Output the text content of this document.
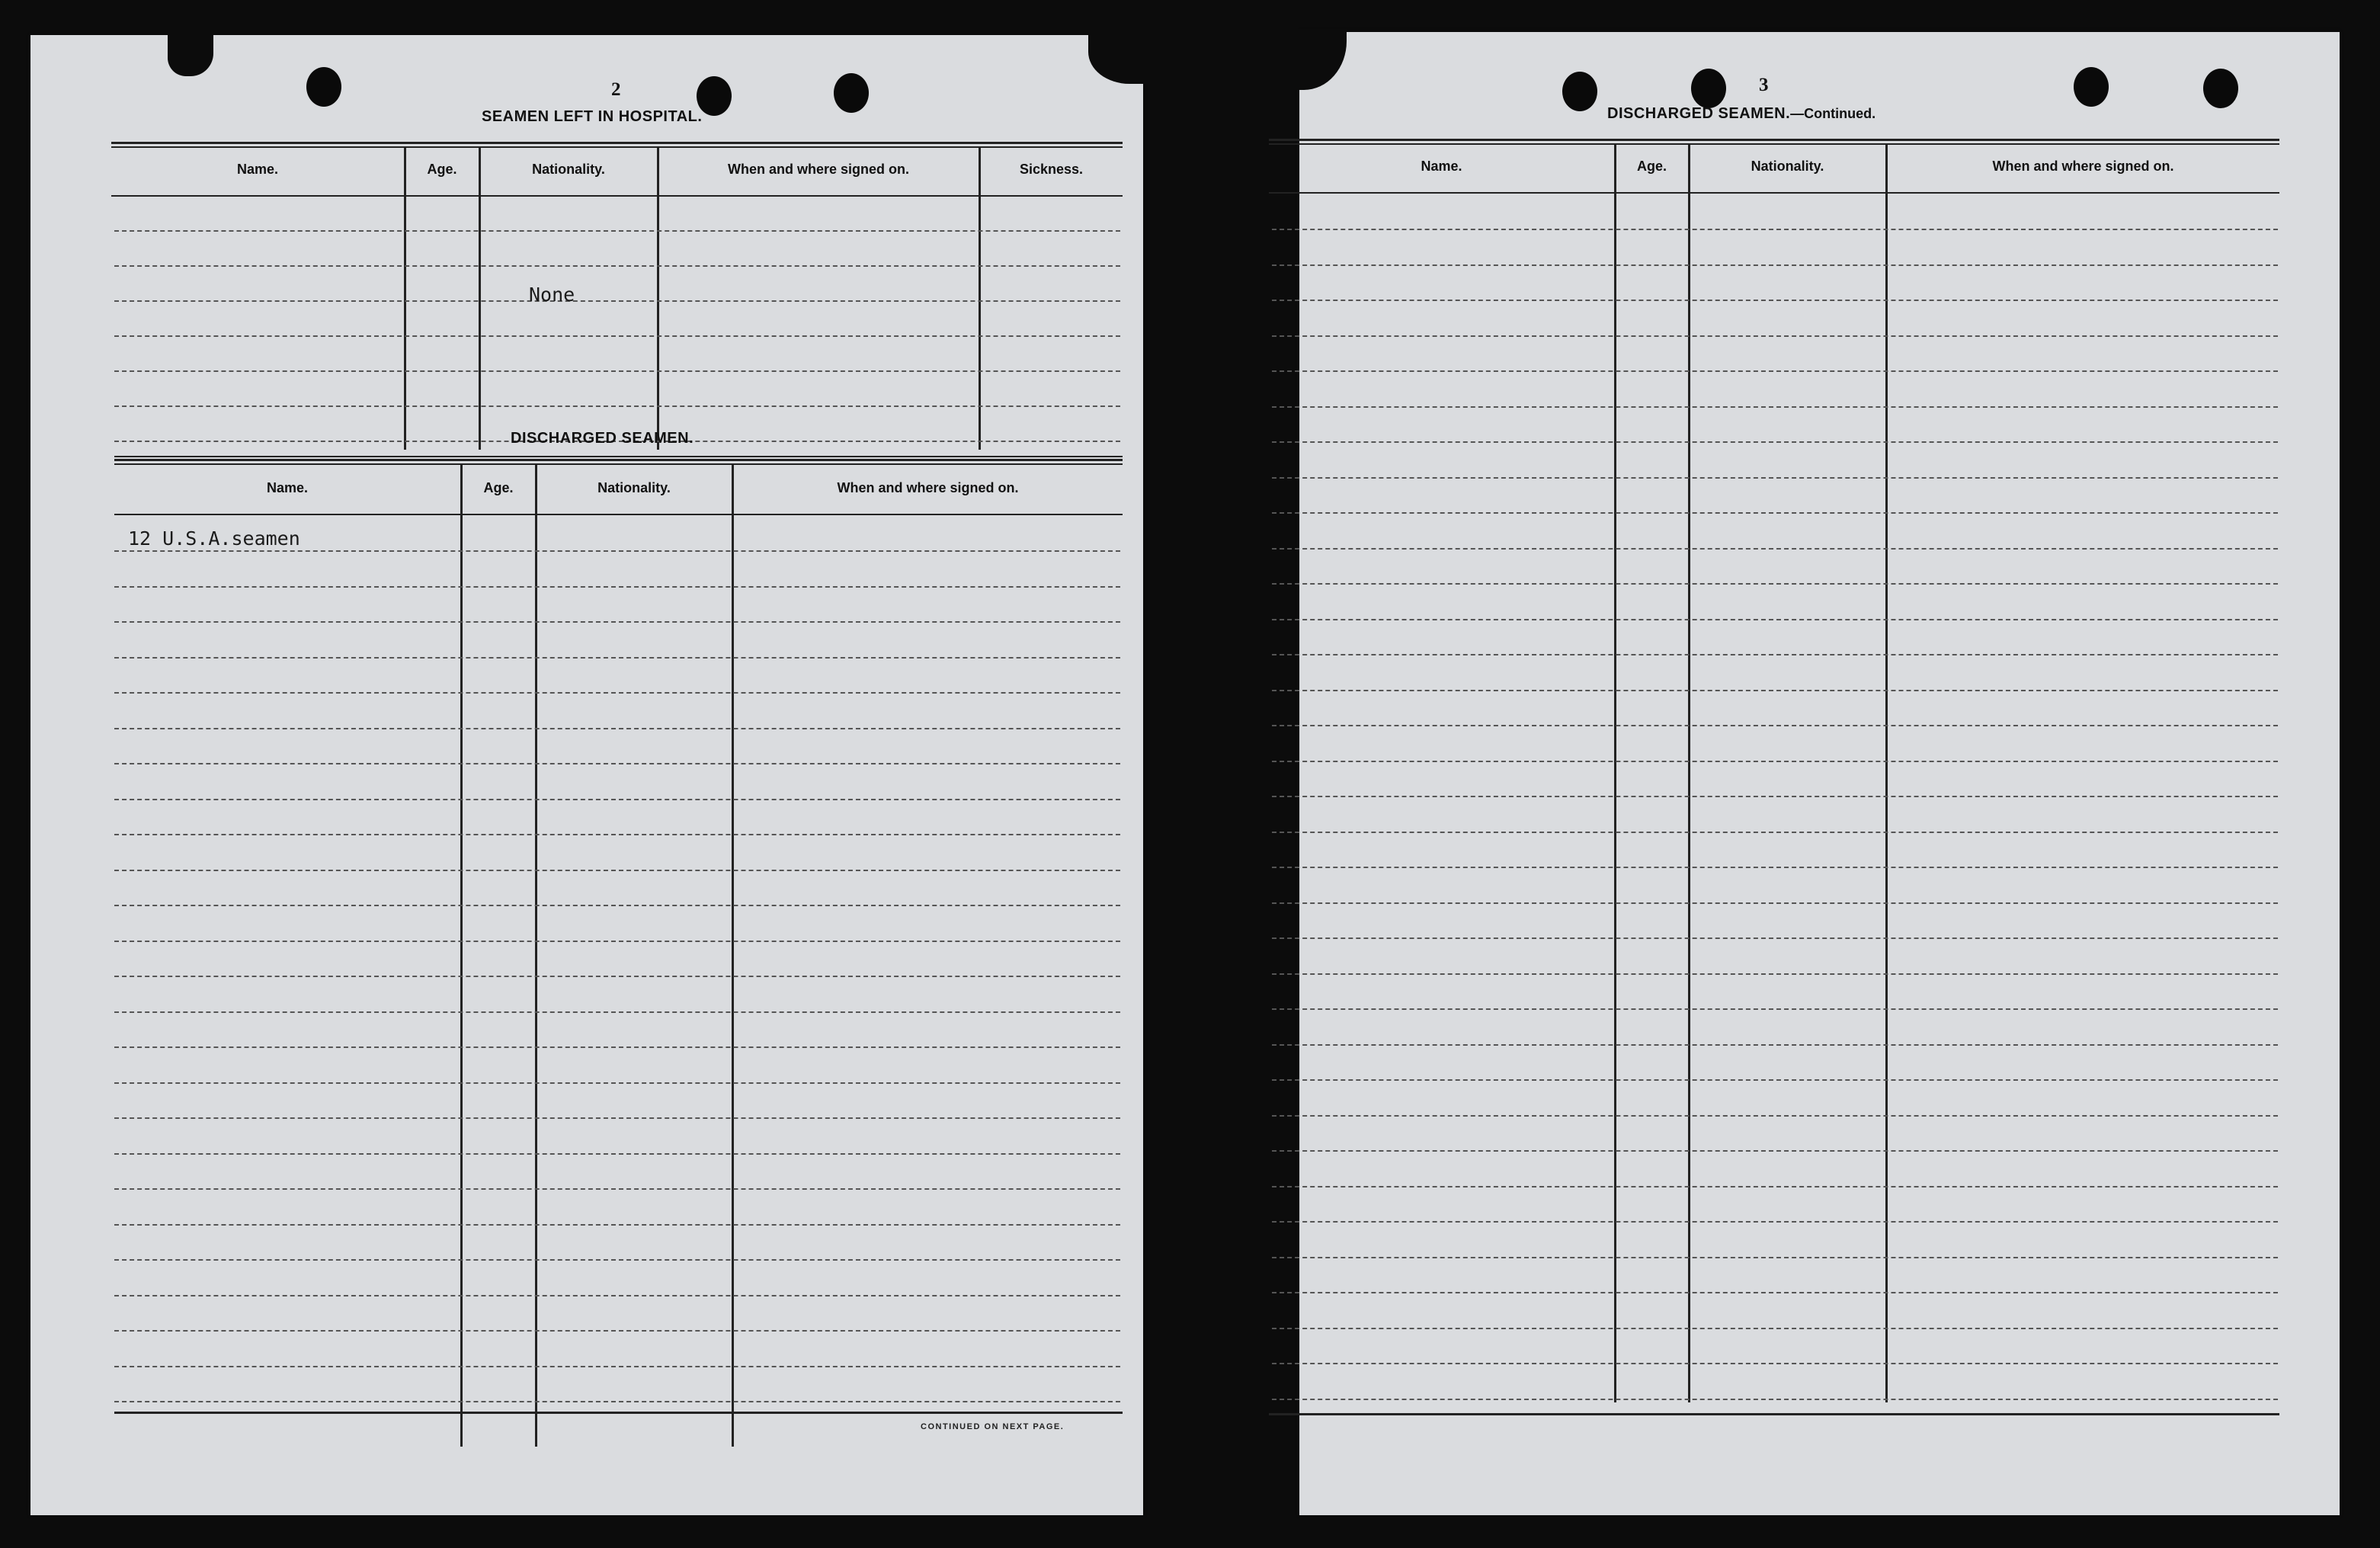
2
SEAMEN LEFT IN HOSPITAL.
Name.	Age.	Nationality.	When and where signed on.	Sickness.
None
DISCHARGED SEAMEN.
Name.	Age.	Nationality.	When and where signed on.
12 U.S.A.seamen
CONTINUED ON NEXT PAGE.
3
DISCHARGED SEAMEN.—Continued.
Name.	Age.	Nationality.	When and where signed on.
